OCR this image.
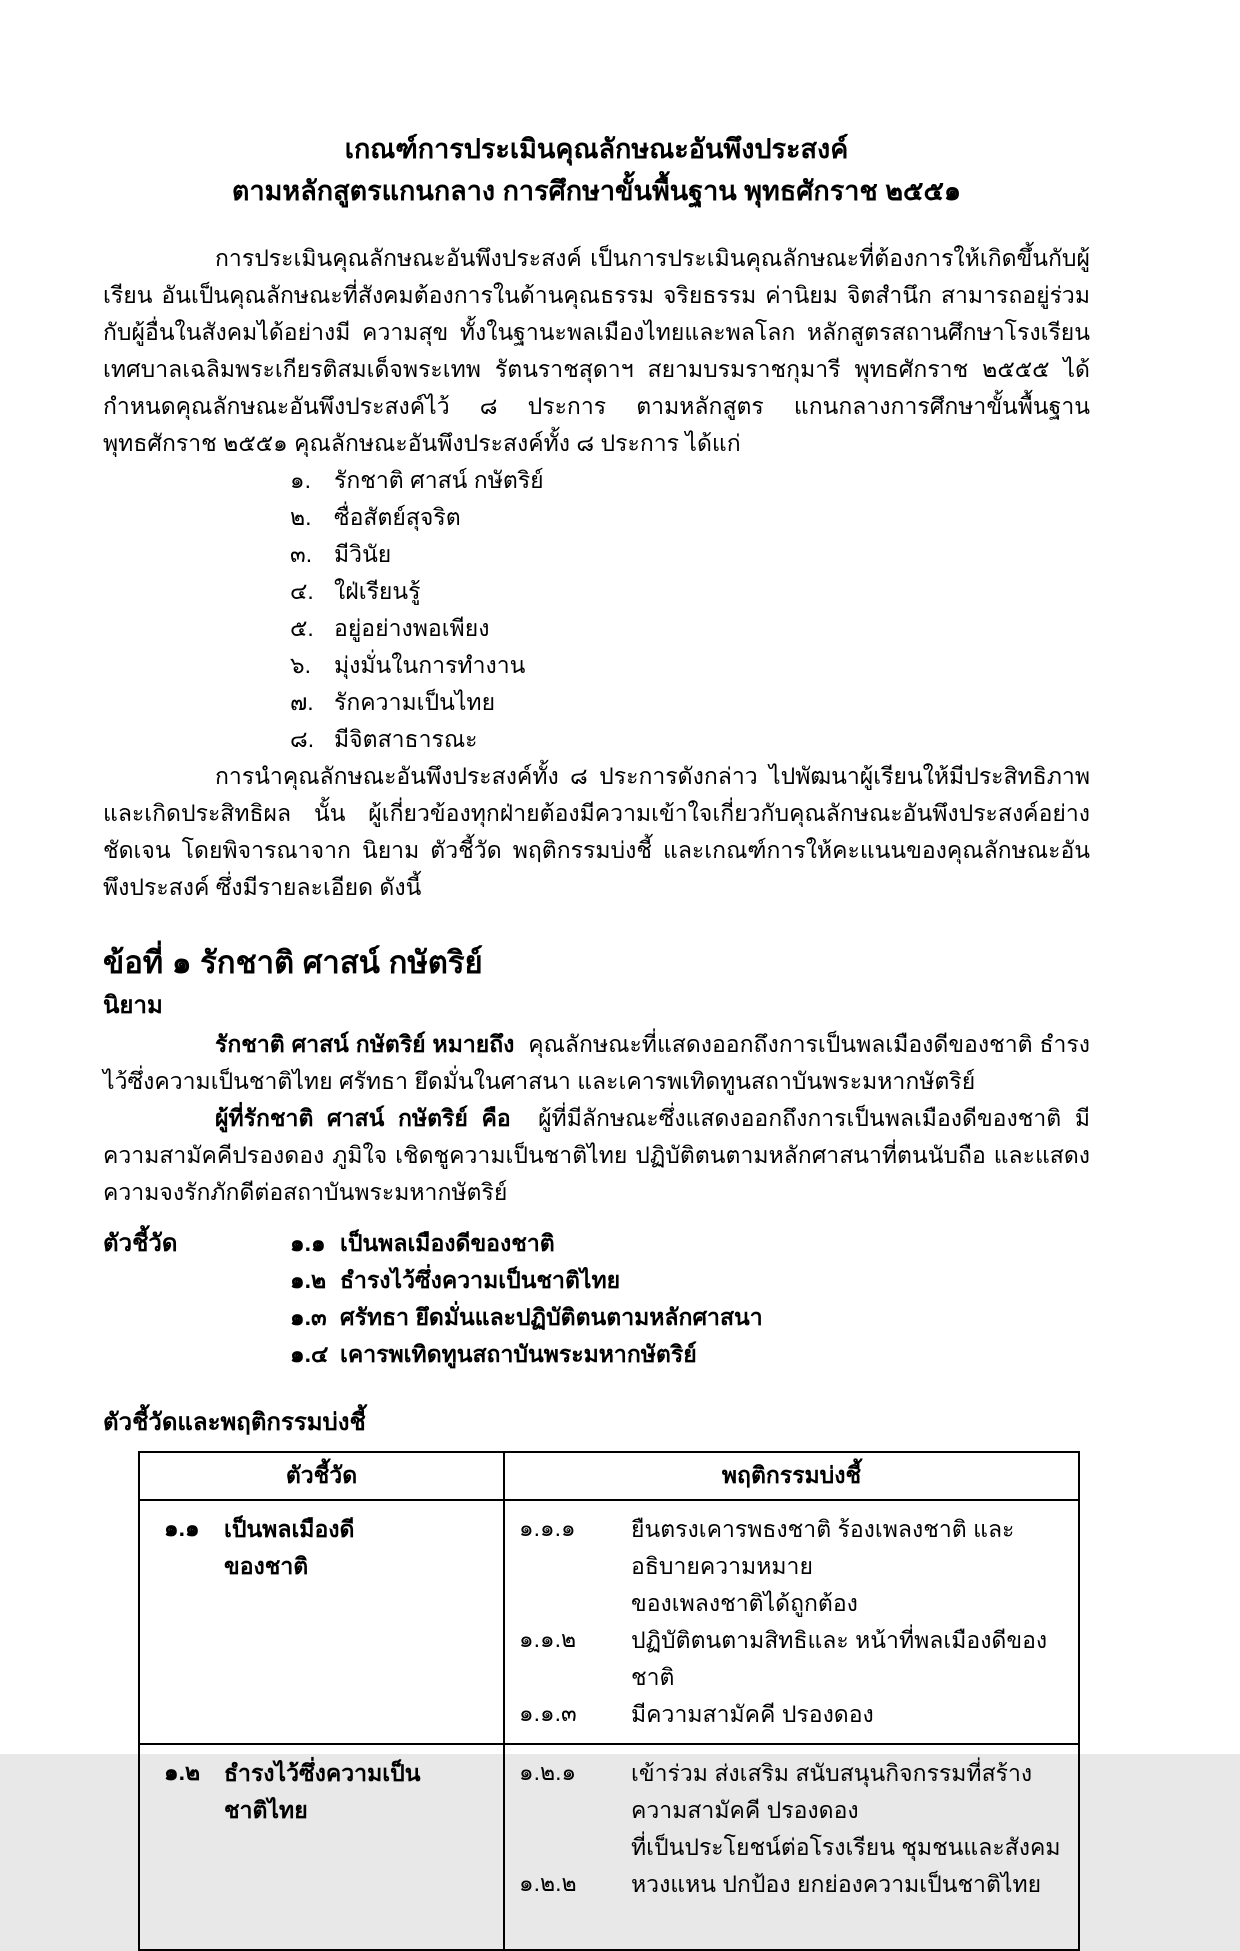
เกณฑ์การประเมินคุณลักษณะอันพึงประสงค์
ตามหลักสูตรแกนกลาง การศึกษาขั้นพื้นฐาน พุทธศักราช ๒๕๕๑

การประเมินคุณลักษณะอันพึงประสงค์ เป็นการประเมินคุณลักษณะที่ต้องการให้เกิดขึ้นกับผู้เรียน อันเป็นคุณลักษณะที่สังคมต้องการในด้านคุณธรรม จริยธรรม ค่านิยม จิตสำนึก สามารถอยู่ร่วมกับผู้อื่นในสังคมได้อย่างมี ความสุข ทั้งในฐานะพลเมืองไทยและพลโลก หลักสูตรสถานศึกษาโรงเรียนเทศบาลเฉลิมพระเกียรติสมเด็จพระเทพ รัตนราชสุดาฯ สยามบรมราชกุมารี พุทธศักราช ๒๕๕๕ ได้กำหนดคุณลักษณะอันพึงประสงค์ไว้ ๘ ประการ ตามหลักสูตร แกนกลางการศึกษาขั้นพื้นฐาน พุทธศักราช ๒๕๕๑ คุณลักษณะอันพึงประสงค์ทั้ง ๘ ประการ ได้แก่

๑.	รักชาติ ศาสน์ กษัตริย์
๒. ซื่อสัตย์สุจริต
๓. มีวินัย
๔. ใฝ่เรียนรู้
๕. อยู่อย่างพอเพียง
๖.	มุ่งมั่นในการทำงาน
๗. รักความเป็นไทย
๘. มีจิตสาธารณะ

การนำคุณลักษณะอันพึงประสงค์ทั้ง ๘ ประการดังกล่าว ไปพัฒนาผู้เรียนให้มีประสิทธิภาพและเกิดประสิทธิผล นั้น ผู้เกี่ยวข้องทุกฝ่ายต้องมีความเข้าใจเกี่ยวกับคุณลักษณะอันพึงประสงค์อย่างชัดเจน โดยพิจารณาจาก นิยาม ตัวชี้วัด พฤติกรรมบ่งชี้ และเกณฑ์การให้คะแนนของคุณลักษณะอันพึงประสงค์ ซึ่งมีรายละเอียด ดังนี้

ข้อที่ ๑ รักชาติ ศาสน์ กษัตริย์
นิยาม

รักชาติ ศาสน์ กษัตริย์ หมายถึง คุณลักษณะที่แสดงออกถึงการเป็นพลเมืองดีของชาติ ธำรงไว้ซึ่งความเป็นชาติไทย ศรัทธา ยึดมั่นในศาสนา และเคารพเทิดทูนสถาบันพระมหากษัตริย์

ผู้ที่รักชาติ ศาสน์ กษัตริย์ คือ ผู้ที่มีลักษณะซึ่งแสดงออกถึงการเป็นพลเมืองดีของชาติ มีความสามัคคีปรองดอง ภูมิใจ เชิดชูความเป็นชาติไทย ปฏิบัติตนตามหลักศาสนาที่ตนนับถือ และแสดงความจงรักภักดีต่อสถาบันพระมหากษัตริย์

ตัวชี้วัด	๑.๑ เป็นพลเมืองดีของชาติ
๑.๒ ธำรงไว้ซึ่งความเป็นชาติไทย
๑.๓ ศรัทธา ยึดมั่นและปฏิบัติตนตามหลักศาสนา
๑.๔ เคารพเทิดทูนสถาบันพระมหากษัตริย์
ตัวชี้วัดและพฤติกรรมบ่งชี้
ตัวชี้วัด	พฤติกรรมบ่งชี้

๑.๑	เป็นพลเมืองดี
ของชาติ

๑.๑.๑	ยืนตรงเคารพธงชาติ ร้องเพลงชาติ และอธิบายความหมาย
ของเพลงชาติได้ถูกต้อง
๑.๑.๒	ปฏิบัติตนตามสิทธิและ หน้าที่พลเมืองดีของชาติ
๑.๑.๓	มีความสามัคคี ปรองดอง

๑.๒	ธำรงไว้ซึ่งความเป็น
ชาติไทย

๑.๒.๑	เข้าร่วม ส่งเสริม สนับสนุนกิจกรรมที่สร้างความสามัคคี ปรองดอง
ที่เป็นประโยชน์ต่อโรงเรียน ชุมชนและสังคม
๑.๒.๒	หวงแหน ปกป้อง ยกย่องความเป็นชาติไทย
